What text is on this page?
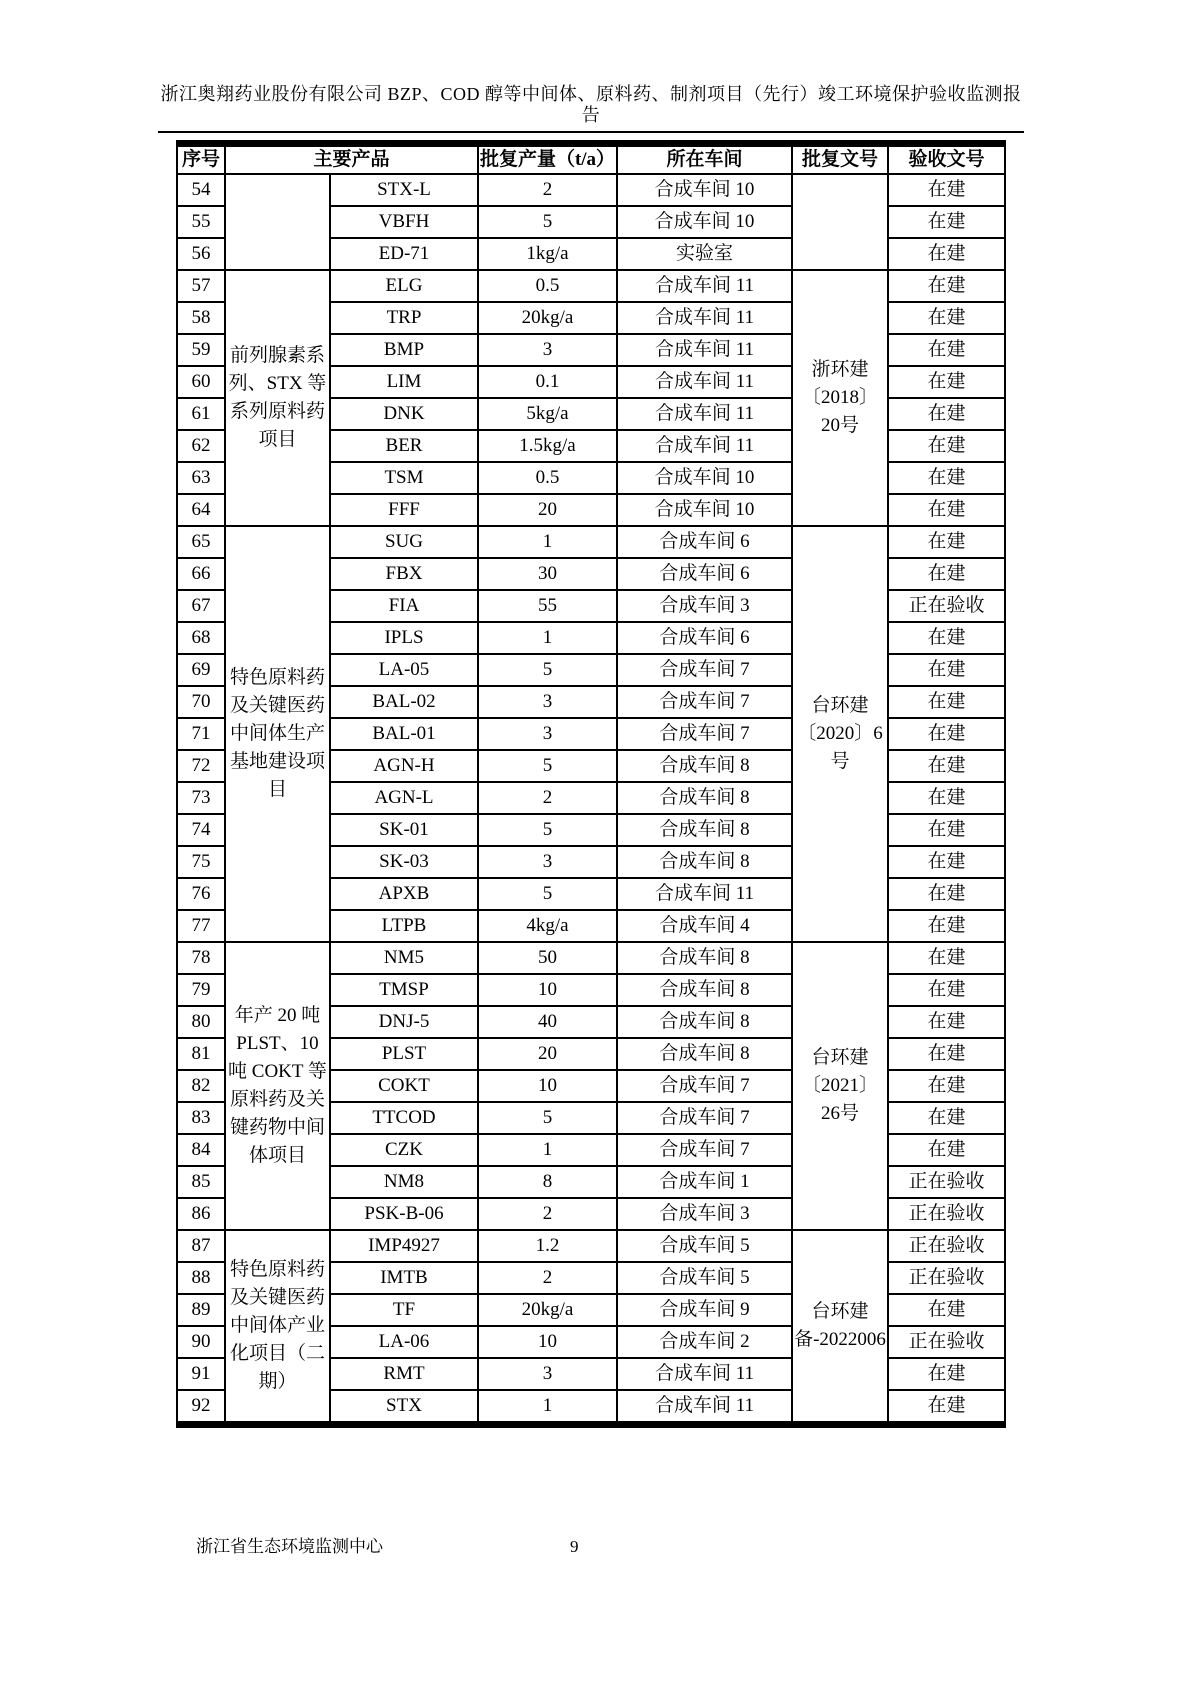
浙江奥翔药业股份有限公司 BZP、COD 醇等中间体、原料药、制剂项目（先行）竣工环境保护验收监测报
告
序号	主要产品		批复产量（t/a）	所在车间	批复文号	验收文号
54		STX-L	2	合成车间 10		在建
55		VBFH	5	合成车间 10		在建
56		ED-71	1kg/a	实验室		在建
57	前列腺素系列、STX 等系列原料药项目	ELG	0.5	合成车间 11	浙环建〔2018〕20号	在建
58		TRP	20kg/a	合成车间 11		在建
59		BMP	3	合成车间 11		在建
60		LIM	0.1	合成车间 11		在建
61		DNK	5kg/a	合成车间 11		在建
62		BER	1.5kg/a	合成车间 11		在建
63		TSM	0.5	合成车间 10		在建
64		FFF	20	合成车间 10		在建
65	特色原料药及关键医药中间体生产基地建设项目	SUG	1	合成车间 6	台环建〔2020〕6 号	在建
66		FBX	30	合成车间 6		在建
67		FIA	55	合成车间 3		正在验收
68		IPLS	1	合成车间 6		在建
69		LA-05	5	合成车间 7		在建
70		BAL-02	3	合成车间 7		在建
71		BAL-01	3	合成车间 7		在建
72		AGN-H	5	合成车间 8		在建
73		AGN-L	2	合成车间 8		在建
74		SK-01	5	合成车间 8		在建
75		SK-03	3	合成车间 8		在建
76		APXB	5	合成车间 11		在建
77		LTPB	4kg/a	合成车间 4		在建
78	年产 20 吨 PLST、10 吨 COKT 等原料药及关键药物中间体项目	NM5	50	合成车间 8	台环建〔2021〕26号	在建
79		TMSP	10	合成车间 8		在建
80		DNJ-5	40	合成车间 8		在建
81		PLST	20	合成车间 8		在建
82		COKT	10	合成车间 7		在建
83		TTCOD	5	合成车间 7		在建
84		CZK	1	合成车间 7		在建
85		NM8	8	合成车间 1		正在验收
86		PSK-B-06	2	合成车间 3		正在验收
87	特色原料药及关键医药中间体产业化项目（二期）	IMP4927	1.2	合成车间 5	台环建备-2022006	正在验收
88		IMTB	2	合成车间 5		正在验收
89		TF	20kg/a	合成车间 9		在建
90		LA-06	10	合成车间 2		正在验收
91		RMT	3	合成车间 11		在建
92		STX	1	合成车间 11		在建
浙江省生态环境监测中心	9
